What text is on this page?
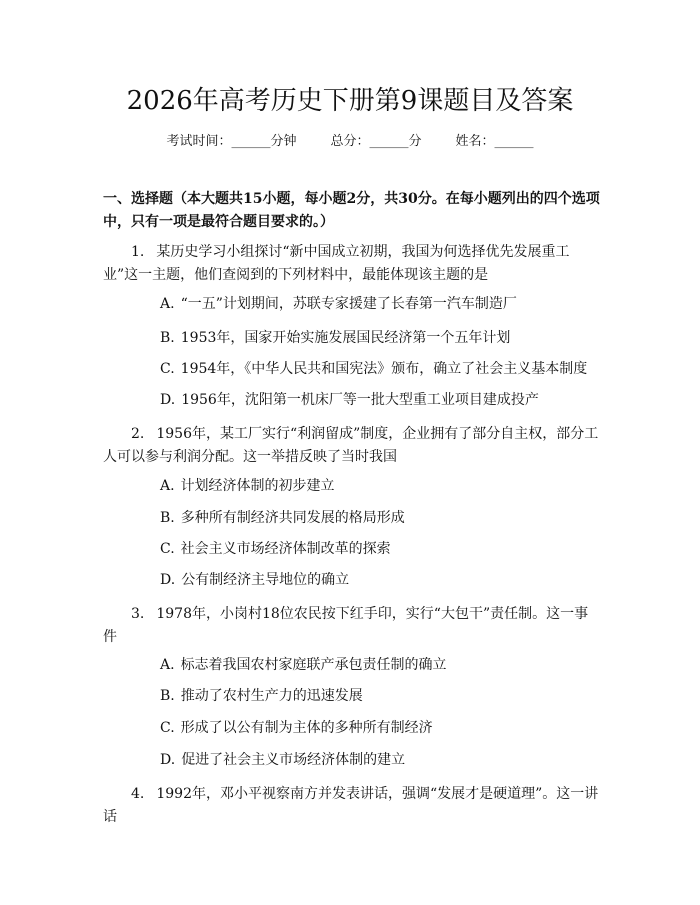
2026年高考历史下册第9课题目及答案
考试时间：______分钟	总分：______分	姓名：______
一、选择题（本大题共15小题，每小题2分，共30分。在每小题列出的四个选项中，只有一项是最符合题目要求的。）
1. 某历史学习小组探讨“新中国成立初期，我国为何选择优先发展重工业”这一主题，他们查阅到的下列材料中，最能体现该主题的是
A. “一五”计划期间，苏联专家援建了长春第一汽车制造厂
B. 1953年，国家开始实施发展国民经济第一个五年计划
C. 1954年，《中华人民共和国宪法》颁布，确立了社会主义基本制度
D. 1956年，沈阳第一机床厂等一批大型重工业项目建成投产
2. 1956年，某工厂实行“利润留成”制度，企业拥有了部分自主权，部分工人可以参与利润分配。这一举措反映了当时我国
A. 计划经济体制的初步建立
B. 多种所有制经济共同发展的格局形成
C. 社会主义市场经济体制改革的探索
D. 公有制经济主导地位的确立
3. 1978年，小岗村18位农民按下红手印，实行“大包干”责任制。这一事件
A. 标志着我国农村家庭联产承包责任制的确立
B. 推动了农村生产力的迅速发展
C. 形成了以公有制为主体的多种所有制经济
D. 促进了社会主义市场经济体制的建立
4. 1992年，邓小平视察南方并发表讲话，强调“发展才是硬道理”。这一讲话
